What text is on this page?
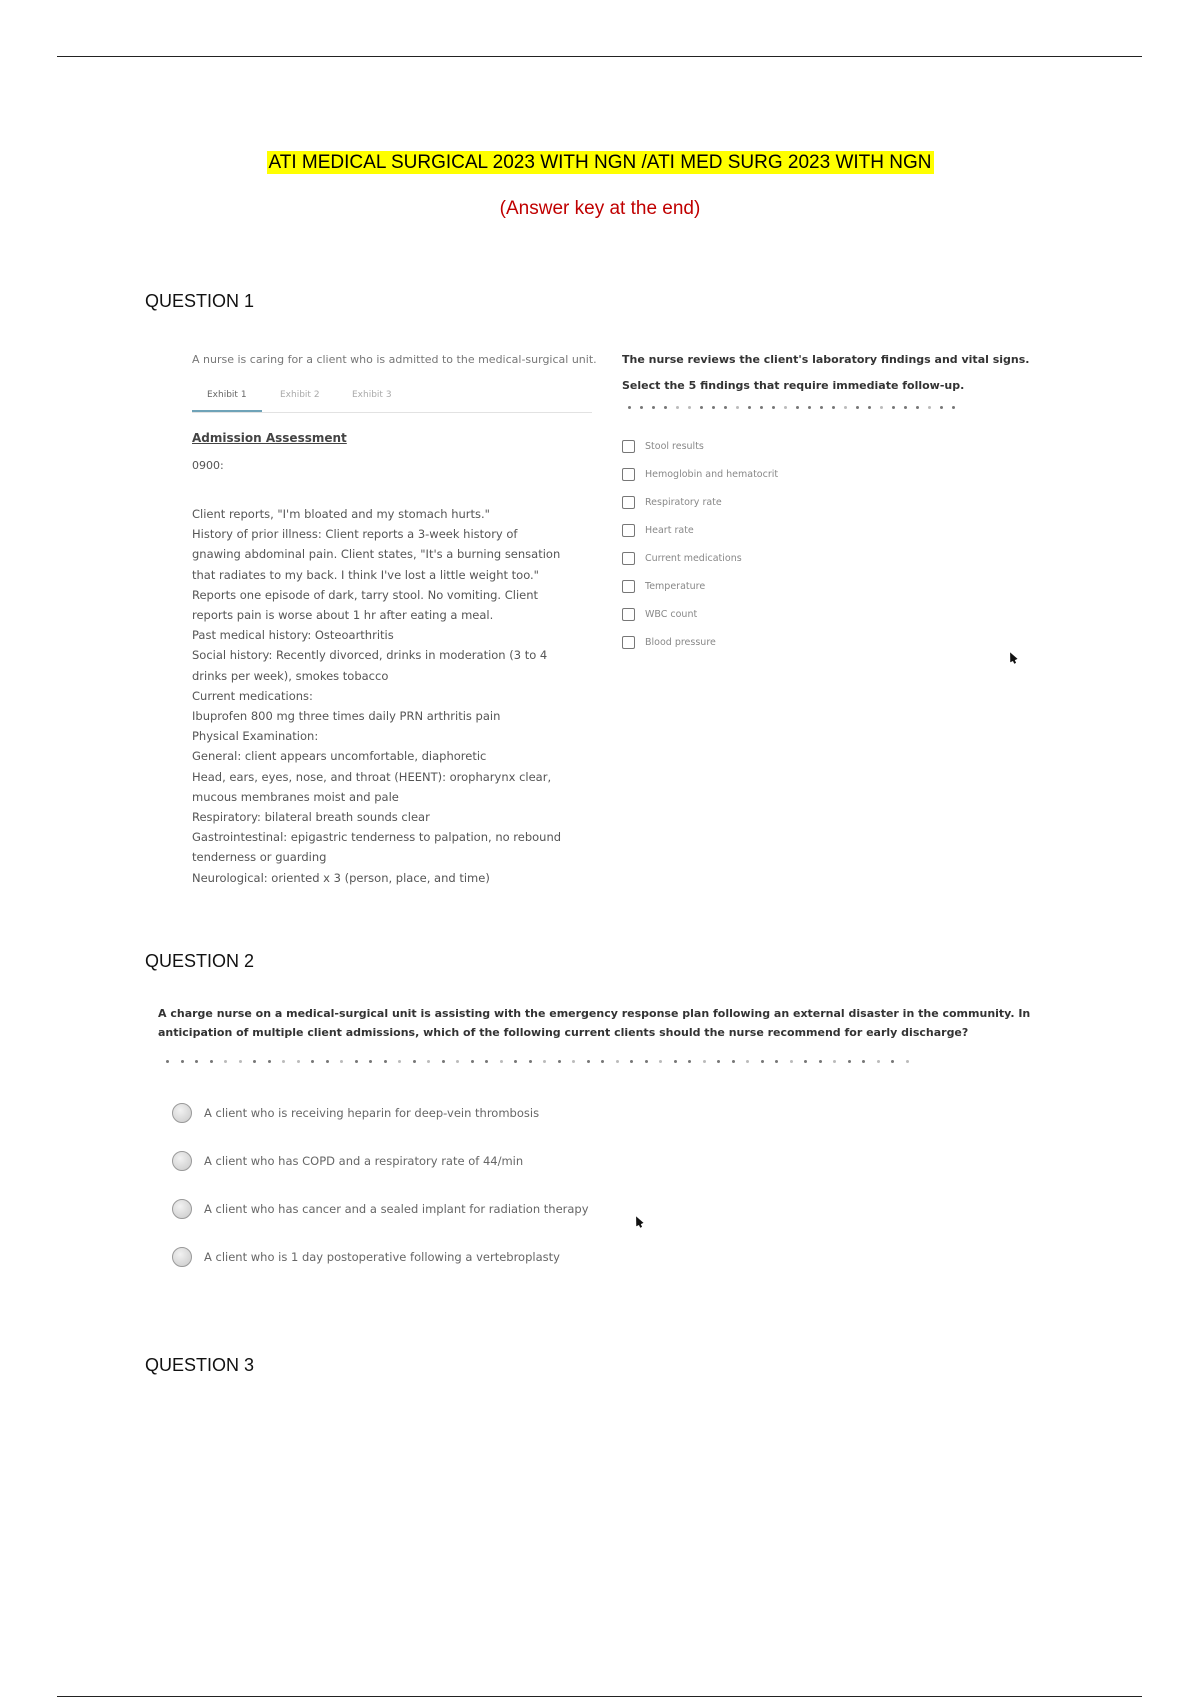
ATI MEDICAL SURGICAL 2023 WITH NGN /ATI MED SURG 2023 WITH NGN
(Answer key at the end)
QUESTION 1
A nurse is caring for a client who is admitted to the medical-surgical unit.
Exhibit 1	Exhibit 2	Exhibit 3
Admission Assessment
0900:
Client reports, "I'm bloated and my stomach hurts."
History of prior illness: Client reports a 3-week history of
gnawing abdominal pain. Client states, "It's a burning sensation
that radiates to my back. I think I've lost a little weight too."
Reports one episode of dark, tarry stool. No vomiting. Client
reports pain is worse about 1 hr after eating a meal.
Past medical history: Osteoarthritis
Social history: Recently divorced, drinks in moderation (3 to 4
drinks per week), smokes tobacco
Current medications:
Ibuprofen 800 mg three times daily PRN arthritis pain
Physical Examination:
General: client appears uncomfortable, diaphoretic
Head, ears, eyes, nose, and throat (HEENT): oropharynx clear,
mucous membranes moist and pale
Respiratory: bilateral breath sounds clear
Gastrointestinal: epigastric tenderness to palpation, no rebound
tenderness or guarding
Neurological: oriented x 3 (person, place, and time)
The nurse reviews the client's laboratory findings and vital signs.
Select the 5 findings that require immediate follow-up.
Stool results
Hemoglobin and hematocrit
Respiratory rate
Heart rate
Current medications
Temperature
WBC count
Blood pressure
QUESTION 2
A charge nurse on a medical-surgical unit is assisting with the emergency response plan following an external disaster in the community. In
anticipation of multiple client admissions, which of the following current clients should the nurse recommend for early discharge?
A client who is receiving heparin for deep-vein thrombosis
A client who has COPD and a respiratory rate of 44/min
A client who has cancer and a sealed implant for radiation therapy
A client who is 1 day postoperative following a vertebroplasty
QUESTION 3
